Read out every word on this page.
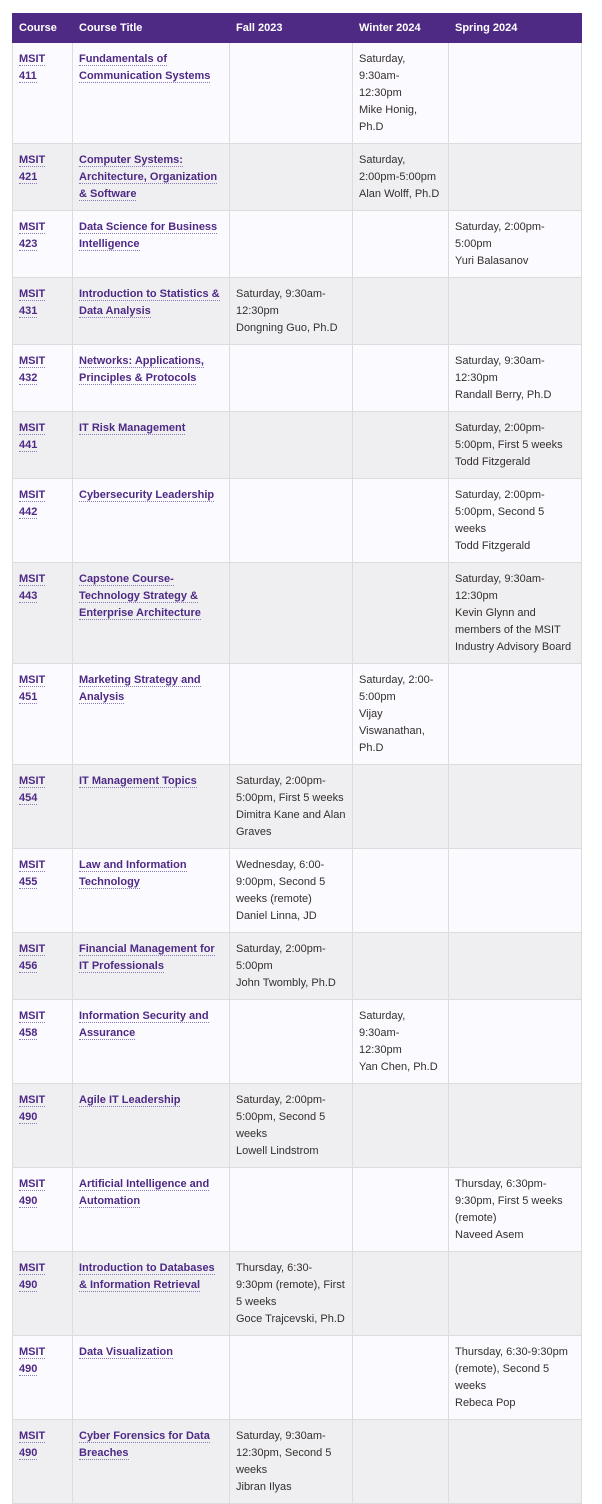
Course	Course Title	Fall 2023	Winter 2024	Spring 2024
MSIT 411	Fundamentals of Communication Systems		Saturday, 9:30am-12:30pm
Mike Honig, Ph.D	

MSIT 421	Computer Systems: Architecture, Organization & Software		Saturday, 2:00pm-5:00pm
Alan Wolff, Ph.D	

MSIT 423	Data Science for Business Intelligence			Saturday, 2:00pm-5:00pm
Yuri Balasanov

MSIT 431	Introduction to Statistics & Data Analysis	Saturday, 9:30am-12:30pm
Dongning Guo, Ph.D		

MSIT 432	Networks: Applications, Principles & Protocols			Saturday, 9:30am-12:30pm
Randall Berry, Ph.D

MSIT 441	IT Risk Management			Saturday, 2:00pm-5:00pm, First 5 weeks
Todd Fitzgerald

MSIT 442	Cybersecurity Leadership			Saturday, 2:00pm-5:00pm, Second 5 weeks
Todd Fitzgerald

MSIT 443	Capstone Course-Technology Strategy & Enterprise Architecture			Saturday, 9:30am-12:30pm
Kevin Glynn and members of the MSIT Industry Advisory Board

MSIT 451	Marketing Strategy and Analysis		Saturday, 2:00-5:00pm
Vijay Viswanathan, Ph.D	

MSIT 454	IT Management Topics	Saturday, 2:00pm-5:00pm, First 5 weeks
Dimitra Kane and Alan Graves		

MSIT 455	Law and Information Technology	Wednesday, 6:00-9:00pm, Second 5 weeks (remote)
Daniel Linna, JD		

MSIT 456	Financial Management for IT Professionals	Saturday, 2:00pm-5:00pm
John Twombly, Ph.D		

MSIT 458	Information Security and Assurance		Saturday, 9:30am-12:30pm
Yan Chen, Ph.D	

MSIT 490	Agile IT Leadership	Saturday, 2:00pm-5:00pm, Second 5 weeks
Lowell Lindstrom		

MSIT 490	Artificial Intelligence and Automation			Thursday, 6:30pm-9:30pm, First 5 weeks (remote)
Naveed Asem

MSIT 490	Introduction to Databases & Information Retrieval	Thursday, 6:30-9:30pm (remote), First 5 weeks
Goce Trajcevski, Ph.D		

MSIT 490	Data Visualization			Thursday, 6:30-9:30pm (remote), Second 5 weeks
Rebeca Pop

MSIT 490	Cyber Forensics for Data Breaches	Saturday, 9:30am-12:30pm, Second 5 weeks
Jibran Ilyas		
